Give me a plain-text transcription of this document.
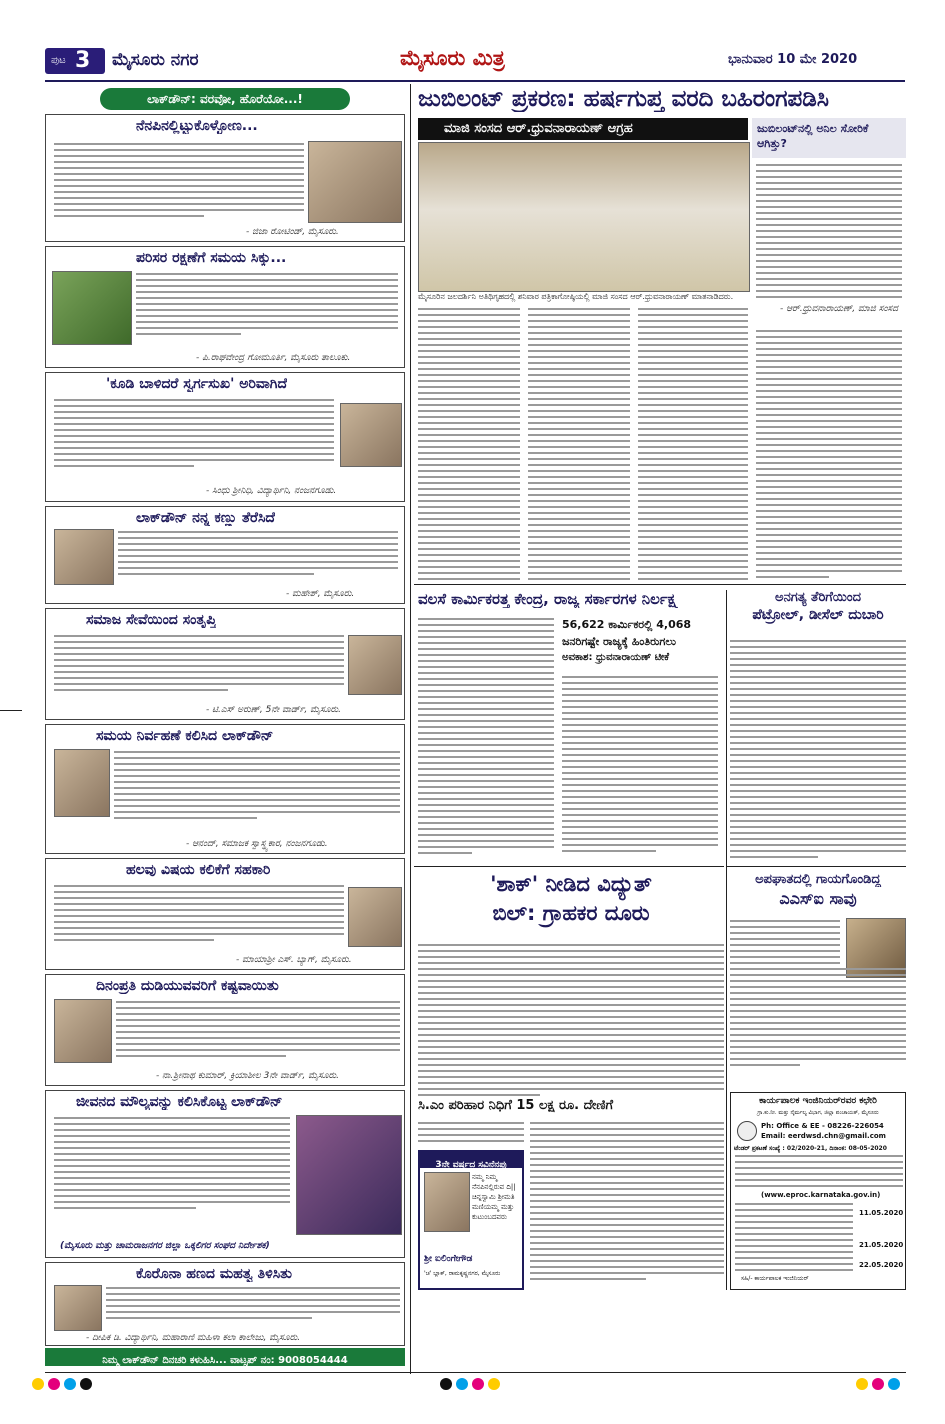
ಪುಟ 3 ಮೈಸೂರು ನಗರ	ಮೈಸೂರು ಮಿತ್ರ	ಭಾನುವಾರ 10 ಮೇ 2020
ಲಾಕ್‌ಡೌನ್: ವರವೋ, ಹೊರೆಯೋ...!
ನೆನಪಿನಲ್ಲಿಟ್ಟುಕೊಳ್ಳೋಣ...
- ಜಿಜಾ ರೋಟಿಂಡ್, ಮೈಸೂರು.
ಪರಿಸರ ರಕ್ಷಣೆಗೆ ಸಮಯ ಸಿಕ್ಕು...
- ಪಿ.ರಾಘವೇಂದ್ರ ಗೋಮೂರ್ತಿ, ಮೈಸೂರು ತಾಲೂಕು.
'ಕೂಡಿ ಬಾಳಿದರೆ ಸ್ವರ್ಗಸುಖ' ಅರಿವಾಗಿದೆ
- ಸಿಂಧು ಶ್ರೀನಿಧಿ, ವಿದ್ಯಾರ್ಥಿನಿ, ನಂಜನಗೂಡು.
ಲಾಕ್‌ಡೌನ್ ನನ್ನ ಕಣ್ಣು ತೆರೆಸಿದೆ
- ಮಹೇಶ್, ಮೈಸೂರು.
ಸಮಾಜ ಸೇವೆಯಿಂದ ಸಂತೃಪ್ತಿ
- ಟಿ.ಎಸ್ ಅರುಣ್, 5ನೇ ವಾರ್ಡ್, ಮೈಸೂರು.
ಸಮಯ ನಿರ್ವಹಣೆ ಕಲಿಸಿದ ಲಾಕ್‌ಡೌನ್
- ಆನಂದ್, ಸಮಾಜಕ ಸ್ವಾಸ್ಥ್ಯಕಾರ, ನಂಜನಗೂಡು.
ಹಲವು ವಿಷಯ ಕಲಿಕೆಗೆ ಸಹಕಾರಿ
- ಮಾಯಾಶ್ರೀ ಎಸ್. ಬ್ಯಾಗ್, ಮೈಸೂರು.
ದಿನಂಪ್ರತಿ ದುಡಿಯುವವರಿಗೆ ಕಷ್ಟವಾಯಿತು
- ನಾ.ಶ್ರೀನಾಥ ಕುಮಾರ್, ಕ್ರಿಯಾಶೀಲ 3ನೇ ವಾರ್ಡ್, ಮೈಸೂರು.
ಜೀವನದ ಮೌಲ್ಯವನ್ನು ಕಲಿಸಿಕೊಟ್ಟ ಲಾಕ್‌ಡೌನ್
(ಮೈಸೂರು ಮತ್ತು ಚಾಮರಾಜನಗರ ಜಿಲ್ಲಾ ಒಕ್ಕಲಿಗರ ಸಂಘದ ನಿರ್ದೇಶಕ)
ಕೊರೊನಾ ಹಣದ ಮಹತ್ವ ತಿಳಿಸಿತು
- ದೀಪಿಕ ಡಿ. ವಿದ್ಯಾರ್ಥಿನಿ, ಮಹಾರಾಣಿ ಮಹಿಳಾ ಕಲಾ ಕಾಲೇಜು, ಮೈಸೂರು.
ನಿಮ್ಮ ಲಾಕ್‌ಡೌನ್ ದಿನಚರಿ ಕಳುಹಿಸಿ... ವಾಟ್ಸಪ್ ನಂ: 9008054444
ಜುಬಿಲಂಟ್ ಪ್ರಕರಣ: ಹರ್ಷಗುಪ್ತ ವರದಿ ಬಹಿರಂಗಪಡಿಸಿ
ಮಾಜಿ ಸಂಸದ ಆರ್.ಧ್ರುವನಾರಾಯಣ್ ಆಗ್ರಹ
ಮೈಸೂರಿನ ಜಲದರ್ಶಿನಿ ಅತಿಥಿಗೃಹದಲ್ಲಿ ಶನಿವಾರ ಪತ್ರಿಕಾಗೋಷ್ಠಿಯಲ್ಲಿ ಮಾಜಿ ಸಂಸದ ಆರ್.ಧ್ರುವನಾರಾಯಣ್ ಮಾತನಾಡಿದರು.
ಜುಬಿಲಂಟ್‌ನಲ್ಲಿ ಅನಿಲ ಸೋರಿಕೆ ಆಗಿತ್ತು?
- ಆರ್.ಧ್ರುವನಾರಾಯಣ್, ಮಾಜಿ ಸಂಸದ
ವಲಸೆ ಕಾರ್ಮಿಕರತ್ತ ಕೇಂದ್ರ, ರಾಜ್ಯ ಸರ್ಕಾರಗಳ ನಿರ್ಲಕ್ಷ್ಯ
56,622 ಕಾರ್ಮಿಕರಲ್ಲಿ 4,068
ಜನರಿಗಷ್ಟೇ ರಾಜ್ಯಕ್ಕೆ ಹಿಂತಿರುಗಲು
ಅವಕಾಶ: ಧ್ರುವನಾರಾಯಣ್ ಟೀಕೆ
'ಶಾಕ್' ನೀಡಿದ ವಿದ್ಯುತ್
ಬಿಲ್: ಗ್ರಾಹಕರ ದೂರು
ಸಿ.ಎಂ ಪರಿಹಾರ ನಿಧಿಗೆ 15 ಲಕ್ಷ ರೂ. ದೇಣಿಗೆ
3ನೇ ವರ್ಷದ ಸವಿನೆನಪು
ನಮ್ಮ ನಿಮ್ಮ ನೆನಪಿನಲ್ಲಿರುವ ದಿ|| ಚಿನ್ನಸ್ವಾಮಿ ಶ್ರೀಮತಿ ಮಣಿಯಮ್ಮ ಮತ್ತು ಕುಟುಂಬದವರು
ಶ್ರೀ ಐಲಿಂಗೇಗೌಡ
'ಚ' ಬ್ಲಾಕ್, ರಾಮಕೃಷ್ಣನಗರ, ಮೈಸೂರು
ಅನಗತ್ಯ ತೆರಿಗೆಯಿಂದ
ಪೆಟ್ರೋಲ್, ಡೀಸೆಲ್ ದುಬಾರಿ
ಅಪಘಾತದಲ್ಲಿ ಗಾಯಗೊಂಡಿದ್ದ
ಎಎಸ್‌ಐ ಸಾವು
ಕಾರ್ಯಪಾಲಕ ಇಂಜಿನಿಯರ್‌ರವರ ಕಛೇರಿ
ಗ್ರಾ.ಕು.ನೀ. ಮತ್ತು ನೈರ್ಮಲ್ಯ ವಿಭಾಗ, ಜಿಲ್ಲಾ ಪಂಚಾಯತ್, ಮೈಸೂರು
Ph: Office & EE - 08226-226054
Email: eerdwsd.chn@gmail.com
ಟೆಂಡರ್ ಪ್ರಕಟಣೆ ಸಂಖ್ಯೆ : 02/2020-21, ದಿನಾಂಕ: 08-05-2020
(www.eproc.karnataka.gov.in)
11.05.2020
21.05.2020
22.05.2020
ಸಹಿ/- ಕಾರ್ಯಪಾಲಕ ಇಂಜಿನಿಯರ್
